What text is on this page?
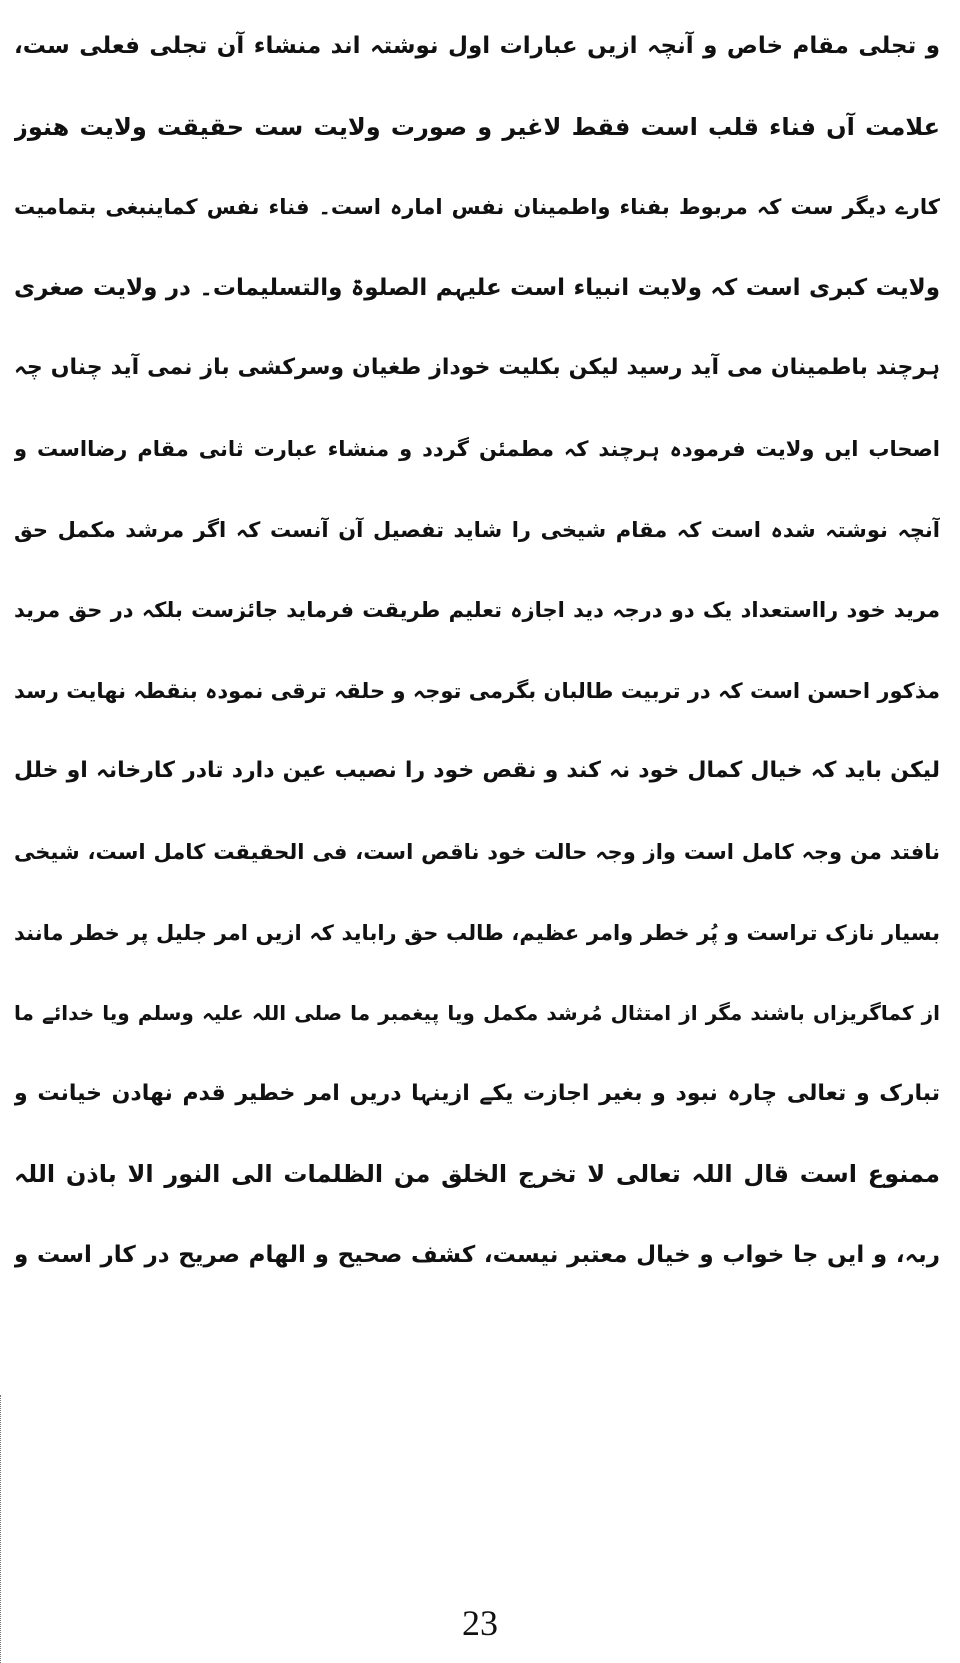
و تجلی مقام خاص و آنچہ ازیں عبارات اول نوشتہ اند منشاء آن تجلی فعلی ست،
علامت آں فناء قلب است فقط لاغیر و صورت ولایت ست حقیقت ولایت ھنوز
کارے دیگر ست کہ مربوط بفناء واطمینان نفس امارہ است۔ فناء نفس کماینبغی بتمامیت
ولایت کبری است کہ ولایت انبیاء است علیہم الصلوۃ والتسلیمات۔ در ولایت صغری
ہرچند باطمینان می آید رسید لیکن بکلیت خوداز طغیان وسرکشی باز نمی آید چناں چہ
اصحاب ایں ولایت فرمودہ ہرچند کہ مطمئن گردد و منشاء عبارت ثانی مقام رضااست و
آنچہ نوشتہ شدہ است کہ مقام شیخی را شاید تفصیل آن آنست کہ اگر مرشد مکمل حق
مرید خود رااستعداد یک دو درجہ دید اجازہ تعلیم طریقت فرماید جائزست بلکہ در حق مرید
مذکور احسن است کہ در تربیت طالبان بگرمی توجہ و حلقہ ترقی نمودہ بنقطہ نھایت رسد
لیکن باید کہ خیال کمال خود نہ کند و نقص خود را نصیب عین دارد تادر کارخانہ او خلل
نافتد من وجہ کامل است واز وجہ حالت خود ناقص است، فی الحقیقت کامل است، شیخی
بسیار نازک تراست و پُر خطر وامر عظیم، طالب حق راباید کہ ازیں امر جلیل پر خطر مانند
از کماگریزاں باشند مگر از امتثال مُرشد مکمل ویا پیغمبر ما صلی اللہ علیہ وسلم ویا خدائے ما
تبارک و تعالی چارہ نبود و بغیر اجازت یکے ازینہا دریں امر خطیر قدم نھادن خیانت و
ممنوع است قال اللہ تعالی لا تخرج الخلق من الظلمات الی النور الا باذن اللہ
ربہ، و ایں جا خواب و خیال معتبر نیست، کشف صحیح و الھام صریح در کار است و
23
